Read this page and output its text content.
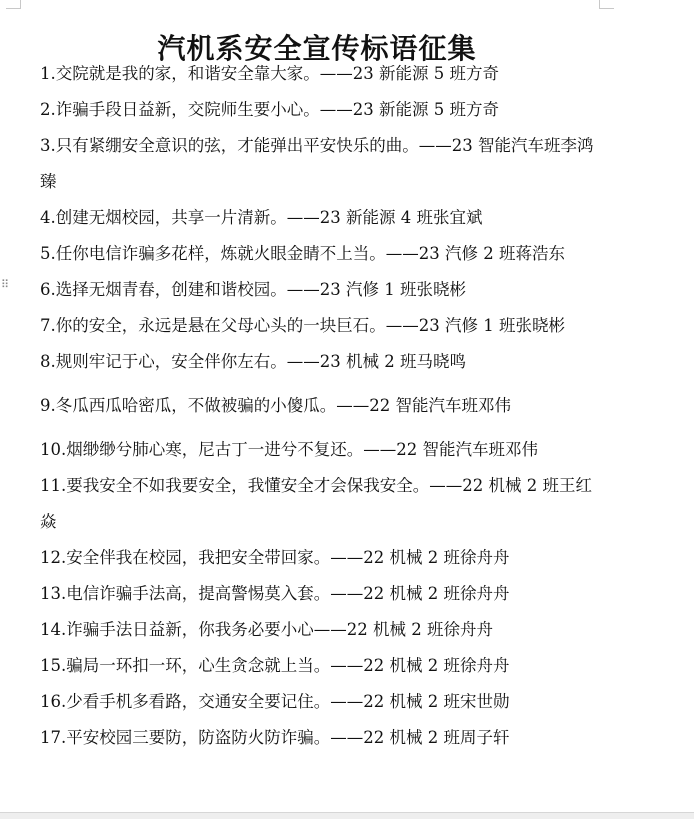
⠿
汽机系安全宣传标语征集
1.交院就是我的家，和谐安全靠大家。——23 新能源 5 班方奇
2.诈骗手段日益新，交院师生要小心。——23 新能源 5 班方奇
3.只有紧绷安全意识的弦，才能弹出平安快乐的曲。——23 智能汽车班李鸿臻
4.创建无烟校园，共享一片清新。——23 新能源 4 班张宜斌
5.任你电信诈骗多花样，炼就火眼金睛不上当。——23 汽修 2 班蒋浩东
6.选择无烟青春，创建和谐校园。——23 汽修 1 班张晓彬
7.你的安全，永远是悬在父母心头的一块巨石。——23 汽修 1 班张晓彬
8.规则牢记于心，安全伴你左右。——23 机械 2 班马晓鸣
9.冬瓜西瓜哈密瓜，不做被骗的小傻瓜。——22 智能汽车班邓伟
10.烟缈缈兮肺心寒，尼古丁一进兮不复还。——22 智能汽车班邓伟
11.要我安全不如我要安全，我懂安全才会保我安全。——22 机械 2 班王红焱
12.安全伴我在校园，我把安全带回家。——22 机械 2 班徐舟舟
13.电信诈骗手法高，提高警惕莫入套。——22 机械 2 班徐舟舟
14.诈骗手法日益新，你我务必要小心——22 机械 2 班徐舟舟
15.骗局一环扣一环，心生贪念就上当。——22 机械 2 班徐舟舟
16.少看手机多看路，交通安全要记住。——22 机械 2 班宋世勋
17.平安校园三要防，防盗防火防诈骗。——22 机械 2 班周子轩
